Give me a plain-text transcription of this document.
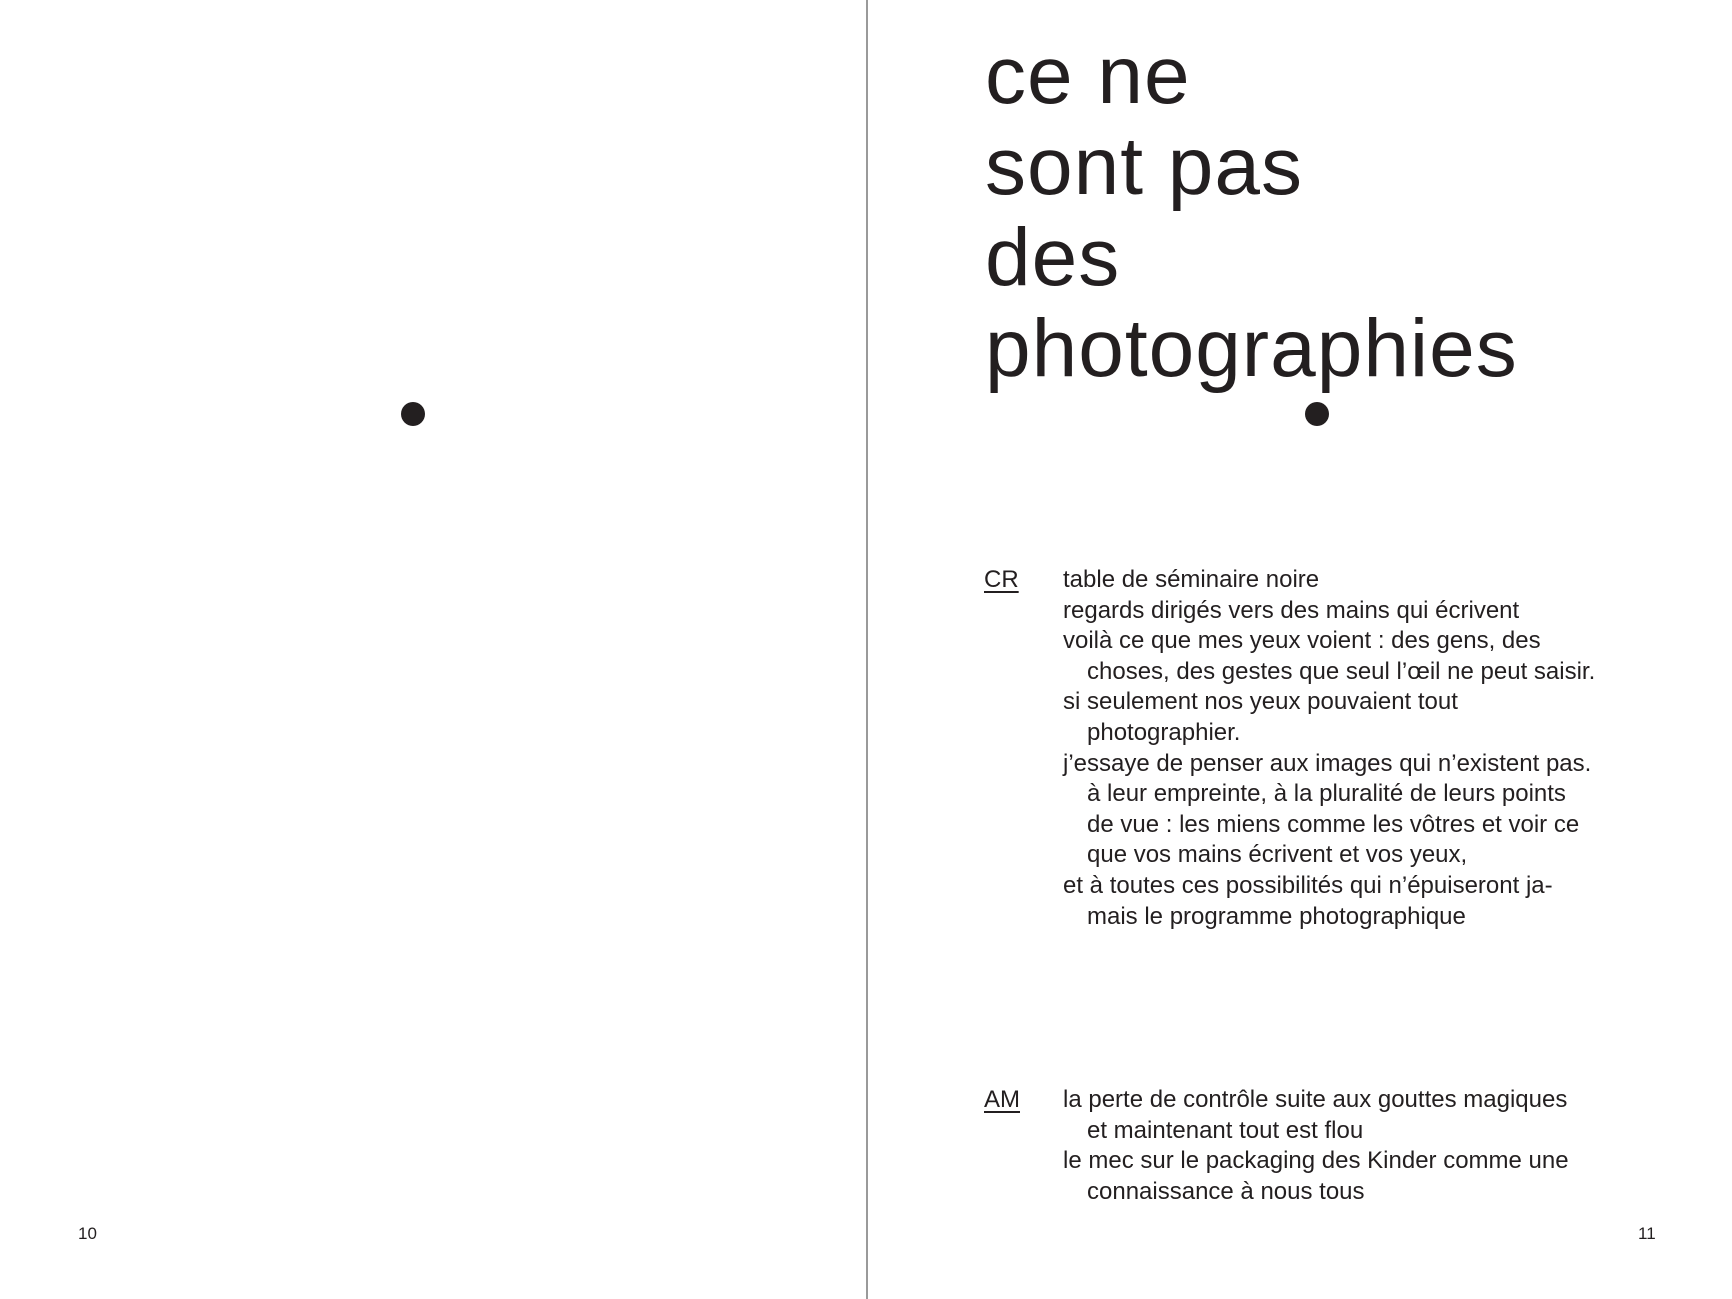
10
ce ne
sont pas
des
photographies
CR table de séminaire noire
regards dirigés vers des mains qui écrivent
voilà ce que mes yeux voient : des gens, des
choses, des gestes que seul l’œil ne peut saisir.
si seulement nos yeux pouvaient tout
photographier.
j’essaye de penser aux images qui n’existent pas.
à leur empreinte, à la pluralité de leurs points
de vue : les miens comme les vôtres et voir ce
que vos mains écrivent et vos yeux,
et à toutes ces possibilités qui n’épuiseront ja-
mais le programme photographique
AM la perte de contrôle suite aux gouttes magiques
et maintenant tout est flou
le mec sur le packaging des Kinder comme une
connaissance à nous tous
11
